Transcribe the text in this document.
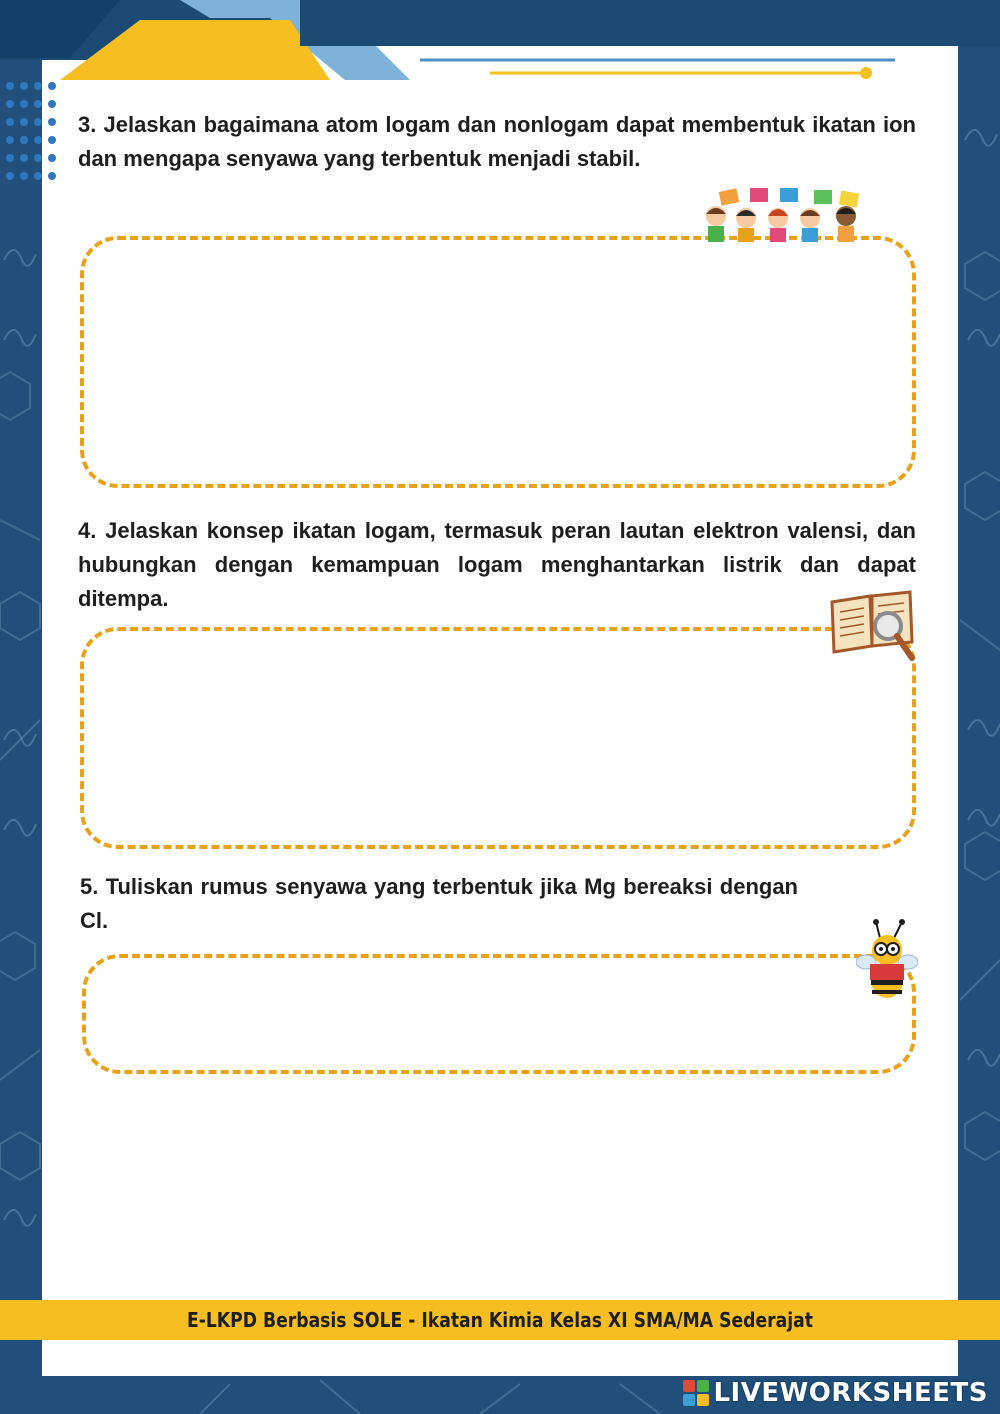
3. Jelaskan bagaimana atom logam dan nonlogam dapat membentuk ikatan ion dan mengapa senyawa yang terbentuk menjadi stabil.

4. Jelaskan konsep ikatan logam, termasuk peran lautan elektron valensi, dan hubungkan dengan kemampuan logam menghantarkan listrik dan dapat ditempa.

5. Tuliskan rumus senyawa yang terbentuk jika Mg bereaksi dengan Cl.

E-LKPD Berbasis SOLE - Ikatan Kimia Kelas XI SMA/MA Sederajat
LIVEWORKSHEETS
